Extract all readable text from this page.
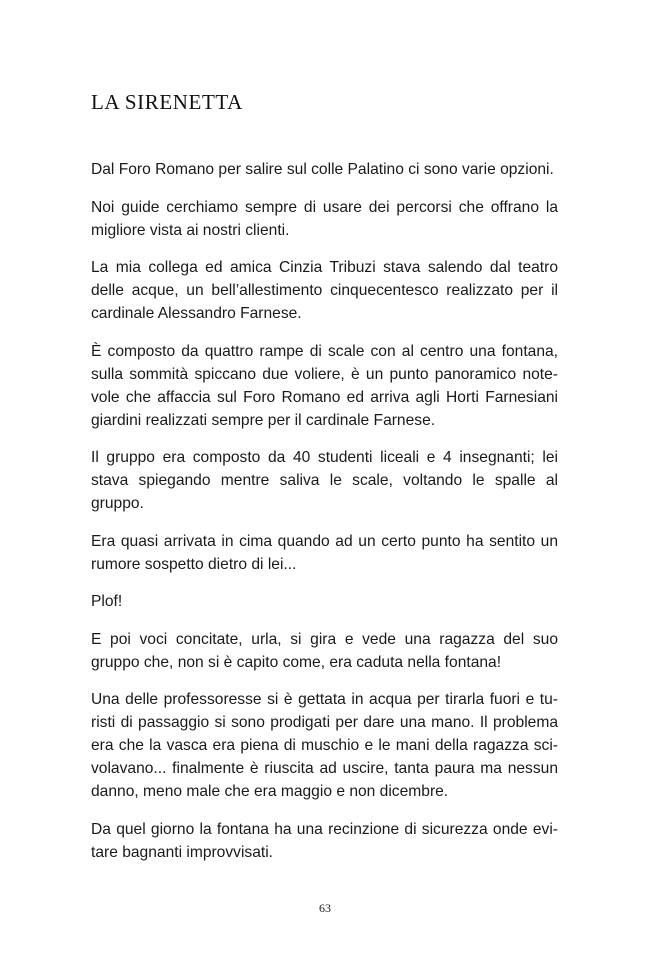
LA SIRENETTA

Dal Foro Romano per salire sul colle Palatino ci sono varie opzioni.

Noi guide cerchiamo sempre di usare dei percorsi che offrano la migliore vista ai nostri clienti.

La mia collega ed amica Cinzia Tribuzi stava salendo dal teatro delle acque, un bell’allestimento cinquecentesco realizzato per il cardinale Alessandro Farnese.

È composto da quattro rampe di scale con al centro una fontana, sulla sommità spiccano due voliere, è un punto panoramico notevole che affaccia sul Foro Romano ed arriva agli Horti Farnesiani giardini realizzati sempre per il cardinale Farnese.

Il gruppo era composto da 40 studenti liceali e 4 insegnanti; lei stava spiegando mentre saliva le scale, voltando le spalle al gruppo.

Era quasi arrivata in cima quando ad un certo punto ha sentito un rumore sospetto dietro di lei...

Plof!

E poi voci concitate, urla, si gira e vede una ragazza del suo gruppo che, non si è capito come, era caduta nella fontana!

Una delle professoresse si è gettata in acqua per tirarla fuori e turisti di passaggio si sono prodigati per dare una mano. Il problema era che la vasca era piena di muschio e le mani della ragazza scivolavano... finalmente è riuscita ad uscire, tanta paura ma nessun danno, meno male che era maggio e non dicembre.

Da quel giorno la fontana ha una recinzione di sicurezza onde evitare bagnanti improvvisati.

63
